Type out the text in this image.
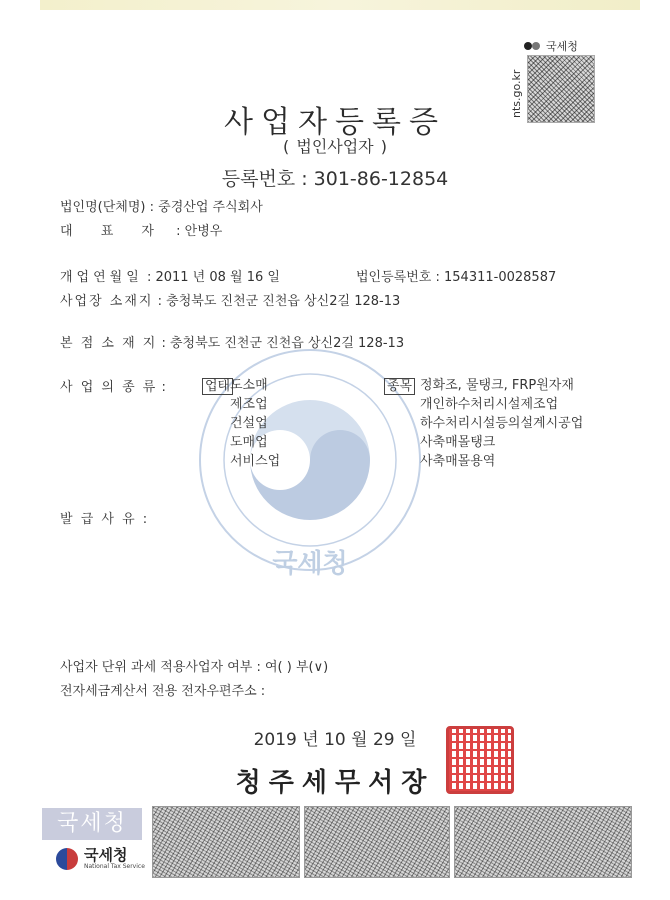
국세청
nts.go.kr
사업자등록증
( 법인사업자 )
등록번호 : 301-86-12854
국세청
법인명(단체명) : 중경산업 주식회사
대 표 자 : 안병우
개업연월일 : 2011 년 08 월 16 일	법인등록번호 : 154311-0028587
사업장 소재지 : 충청북도 진천군 진천읍 상신2길 128-13
본 점 소 재 지 : 충청북도 진천군 진천읍 상신2길 128-13
사 업 의 종 류 :	업태 도소매
제조업
건설업
도매업
서비스업
종목 정화조, 물탱크, FRP원자재
개인하수처리시설제조업
하수처리시설등의설계시공업
사축매몰탱크
사축매몰용역
발 급 사 유 :
사업자 단위 과세 적용사업자 여부 : 여( ) 부(∨)
전자세금계산서 전용 전자우편주소 :
2019 년 10 월 29 일
청주세무서장
국세청
국세청
National Tax Service
